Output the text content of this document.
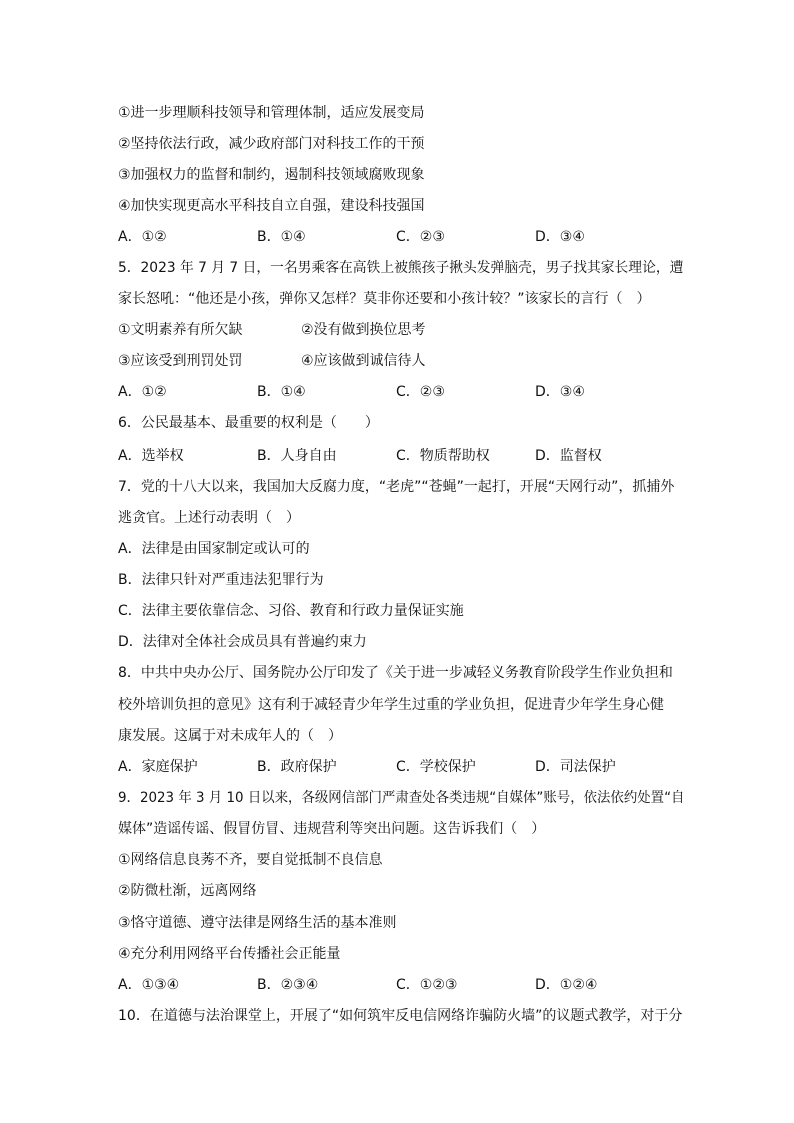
①进一步理顺科技领导和管理体制，适应发展变局
②坚持依法行政，减少政府部门对科技工作的干预
③加强权力的监督和制约，遏制科技领域腐败现象
④加快实现更高水平科技自立自强，建设科技强国
A．①②	B．①④	C．②③	D．③④
5．2023 年 7 月 7 日，一名男乘客在高铁上被熊孩子揪头发弹脑壳，男子找其家长理论，遭
家长怒吼：“他还是小孩，弹你又怎样？莫非你还要和小孩计较？”该家长的言行（　）
①文明素养有所欠缺	②没有做到换位思考
③应该受到刑罚处罚	④应该做到诚信待人
A．①②	B．①④	C．②③	D．③④
6．公民最基本、最重要的权利是（　　）
A．选举权	B．人身自由	C．物质帮助权	D．监督权
7．党的十八大以来，我国加大反腐力度，“老虎”“苍蝇”一起打，开展“天网行动”，抓捕外
逃贪官。上述行动表明（　）
A．法律是由国家制定或认可的
B．法律只针对严重违法犯罪行为
C．法律主要依靠信念、习俗、教育和行政力量保证实施
D．法律对全体社会成员具有普遍约束力
8．中共中央办公厅、国务院办公厅印发了《关于进一步减轻义务教育阶段学生作业负担和
校外培训负担的意见》这有利于减轻青少年学生过重的学业负担，促进青少年学生身心健
康发展。这属于对未成年人的（　）
A．家庭保护	B．政府保护	C．学校保护	D．司法保护
9．2023 年 3 月 10 日以来，各级网信部门严肃查处各类违规“自媒体”账号，依法依约处置“自
媒体”造谣传谣、假冒仿冒、违规营利等突出问题。这告诉我们（　）
①网络信息良莠不齐，要自觉抵制不良信息
②防微杜渐，远离网络
③恪守道德、遵守法律是网络生活的基本准则
④充分利用网络平台传播社会正能量
A．①③④	B．②③④	C．①②③	D．①②④
10．在道德与法治课堂上，开展了“如何筑牢反电信网络诈骗防火墙”的议题式教学，对于分
